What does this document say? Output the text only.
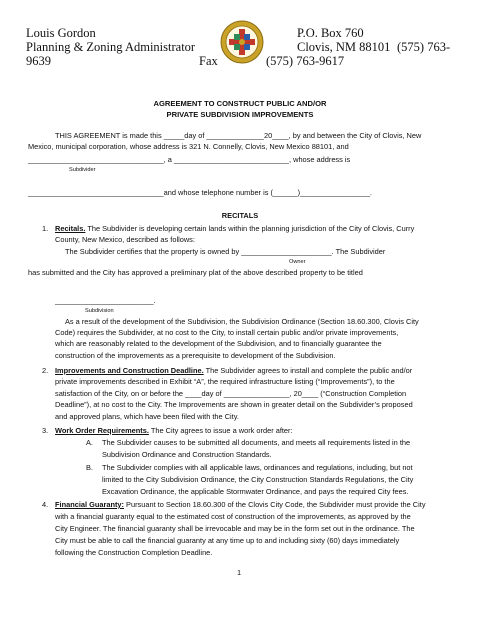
Louis Gordon
Planning & Zoning Administrator
9639	Fax	(575) 763-9617
P.O. Box 760
Clovis, NM 88101 (575) 763-
AGREEMENT TO CONSTRUCT PUBLIC AND/OR
PRIVATE SUBDIVISION IMPROVEMENTS
THIS AGREEMENT is made this _____day of ______________20____, by and between the City of Clovis, New
Mexico, municipal corporation, whose address is 321 N. Connelly, Clovis, New Mexico 88101, and
_________________________________, a ____________________________, whose address is
Subdivider
_________________________________and whose telephone number is (______)_________________.
RECITALS
1. Recitals. The Subdivider is developing certain lands within the planning jurisdiction of the City of Clovis, Curry
County, New Mexico, described as follows:
The Subdivider certifies that the property is owned by ______________________. The Subdivider
Owner
has submitted and the City has approved a preliminary plat of the above described property to be titled
________________________.
Subdivision
As a result of the development of the Subdivision, the Subdivision Ordinance (Section 18.60.300, Clovis City
Code) requires the Subdivider, at no cost to the City, to install certain public and/or private improvements,
which are reasonably related to the development of the Subdivision, and to financially guarantee the
construction of the improvements as a prerequisite to development of the Subdivision.
2. Improvements and Construction Deadline. The Subdivider agrees to install and complete the public and/or
private improvements described in Exhibit “A”, the required infrastructure listing (“Improvements”), to the
satisfaction of the City, on or before the ____day of ________________, 20____ (“Construction Completion
Deadline”), at no cost to the City. The Improvements are shown in greater detail on the Subdivider’s proposed
and approved plans, which have been filed with the City.
3. Work Order Requirements. The City agrees to issue a work order after:
A. The Subdivider causes to be submitted all documents, and meets all requirements listed in the
Subdivision Ordinance and Construction Standards.
B. The Subdivider complies with all applicable laws, ordinances and regulations, including, but not
limited to the City Subdivision Ordinance, the City Construction Standards Regulations, the City
Excavation Ordinance, the applicable Stormwater Ordinance, and pays the required City fees.
4. Financial Guaranty: Pursuant to Section 18.60.300 of the Clovis City Code, the Subdivider must provide the City
with a financial guaranty equal to the estimated cost of construction of the improvements, as approved by the
City Engineer. The financial guaranty shall be irrevocable and may be in the form set out in the ordinance. The
City must be able to call the financial guaranty at any time up to and including sixty (60) days immediately
following the Construction Completion Deadline.
1
